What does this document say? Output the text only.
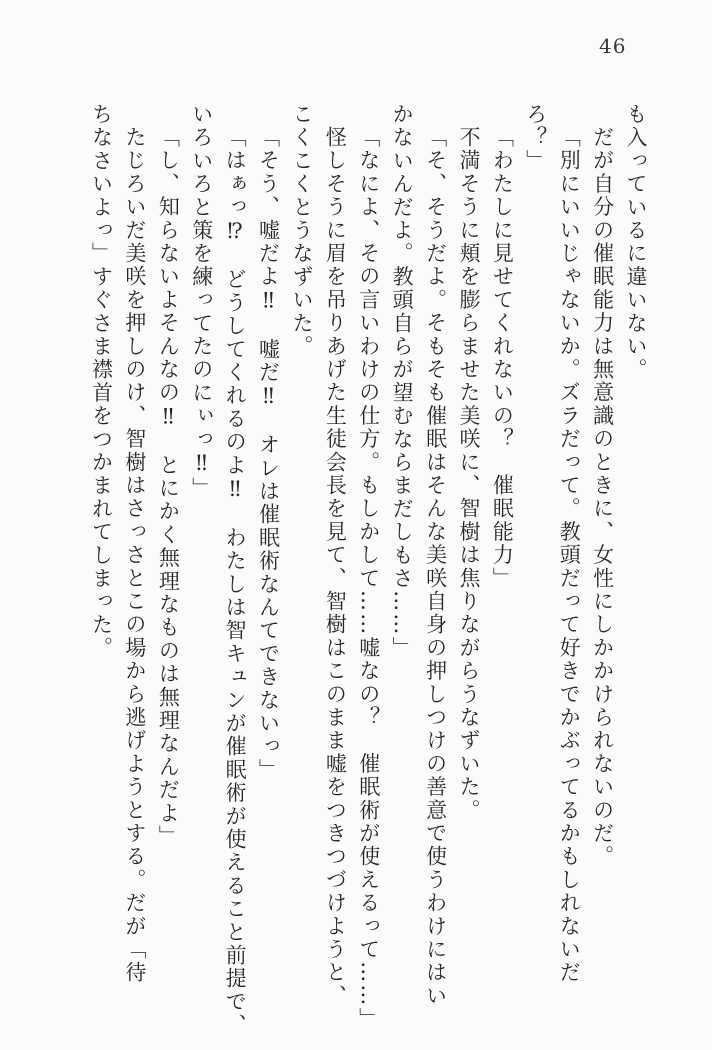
46
も入っているに違いない。
だが自分の催眠能力は無意識のときに、女性にしかかけられないのだ。
「別にいいじゃないか。ズラだって。教頭だって好きでかぶってるかもしれないだ
ろ？」
「わたしに見せてくれないの？　催眠能力」
不満そうに頬を膨らませた美咲に、智樹は焦りながらうなずいた。
「そ、そうだよ。そもそも催眠はそんな美咲自身の押しつけの善意で使うわけにはい
かないんだよ。教頭自らが望むならまだしもさ……」
「なによ、その言いわけの仕方。もしかして……嘘なの？　催眠術が使えるって……」
怪しそうに眉を吊りあげた生徒会長を見て、智樹はこのまま嘘をつきつづけようと、
こくこくとうなずいた。
「そう、嘘だよ‼　嘘だ‼　オレは催眠術なんてできないっ」
「はぁっ⁉　どうしてくれるのよ‼　わたしは智キュンが催眠術が使えること前提で、
いろいろと策を練ってたのにぃっ‼」
「し、知らないよそんなの‼　とにかく無理なものは無理なんだよ」
たじろいだ美咲を押しのけ、智樹はさっさとこの場から逃げようとする。だが「待
ちなさいよっ」すぐさま襟首をつかまれてしまった。
